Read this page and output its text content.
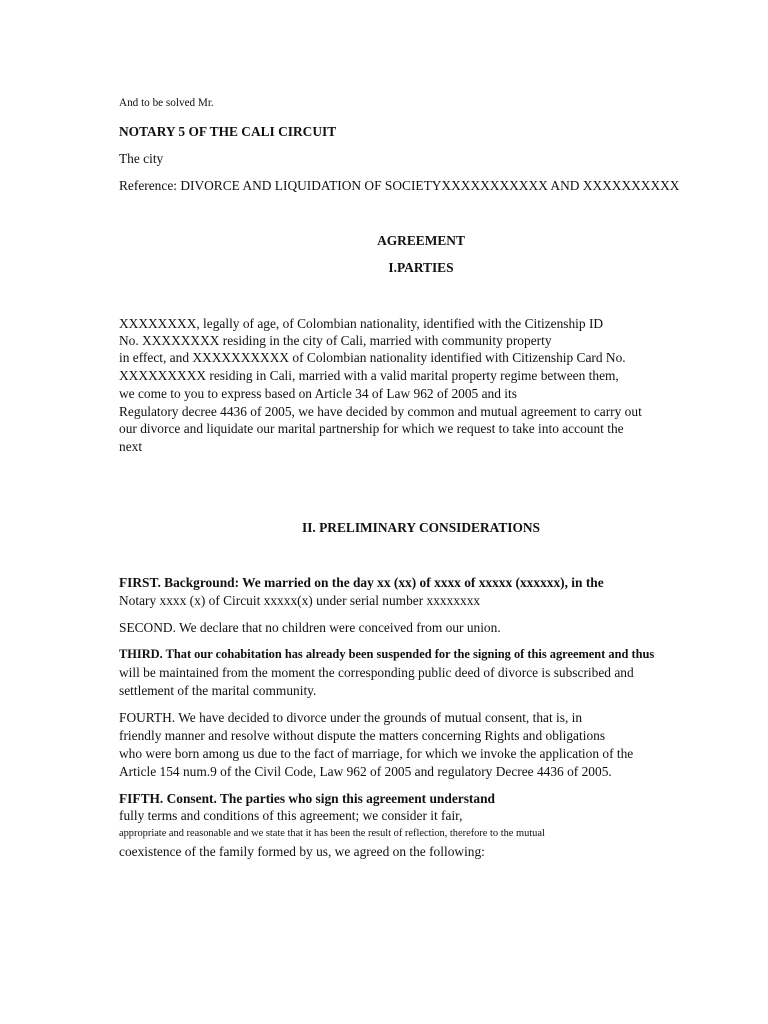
And to be solved Mr.
NOTARY 5 OF THE CALI CIRCUIT
The city
Reference: DIVORCE AND LIQUIDATION OF SOCIETYXXXXXXXXXXX AND XXXXXXXXXX
AGREEMENT
I.PARTIES
XXXXXXXX, legally of age, of Colombian nationality, identified with the Citizenship ID
No. XXXXXXXX residing in the city of Cali, married with community property
in effect, and XXXXXXXXXX of Colombian nationality identified with Citizenship Card No.
XXXXXXXXX residing in Cali, married with a valid marital property regime between them,
we come to you to express based on Article 34 of Law 962 of 2005 and its
Regulatory decree 4436 of 2005, we have decided by common and mutual agreement to carry out
our divorce and liquidate our marital partnership for which we request to take into account the
next
II. PRELIMINARY CONSIDERATIONS
FIRST. Background: We married on the day xx (xx) of xxxx of xxxxx (xxxxxx), in the
Notary xxxx (x) of Circuit xxxxx(x) under serial number xxxxxxxx
SECOND. We declare that no children were conceived from our union.
THIRD. That our cohabitation has already been suspended for the signing of this agreement and thus
will be maintained from the moment the corresponding public deed of divorce is subscribed and
settlement of the marital community.
FOURTH. We have decided to divorce under the grounds of mutual consent, that is, in
friendly manner and resolve without dispute the matters concerning Rights and obligations
who were born among us due to the fact of marriage, for which we invoke the application of the
Article 154 num.9 of the Civil Code, Law 962 of 2005 and regulatory Decree 4436 of 2005.
FIFTH. Consent. The parties who sign this agreement understand
fully terms and conditions of this agreement; we consider it fair,
appropriate and reasonable and we state that it has been the result of reflection, therefore to the mutual
coexistence of the family formed by us, we agreed on the following:
